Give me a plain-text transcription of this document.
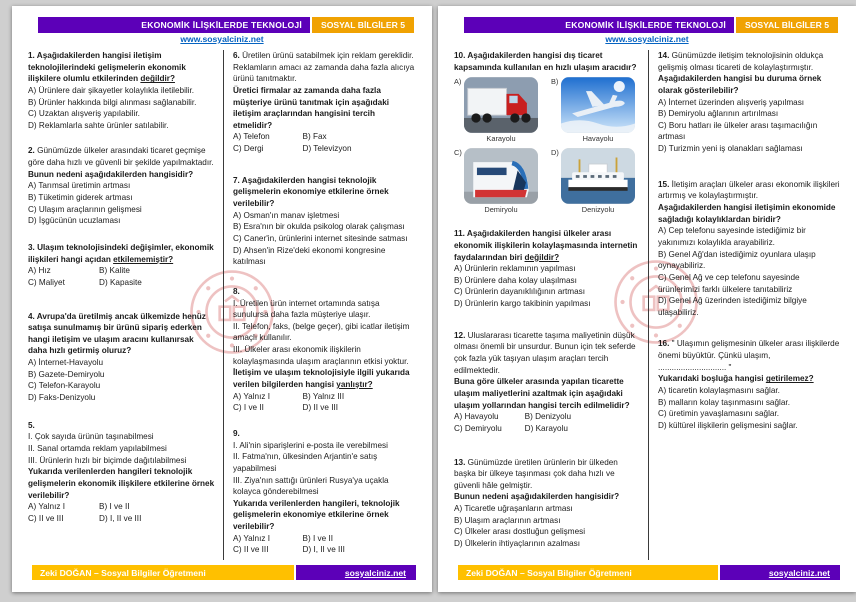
EKONOMİK İLİŞKİLERDE TEKNOLOJİ	SOSYAL BİLGİLER 5
www.sosyalciniz.net

1. Aşağıdakilerden hangisi iletişim teknolojilerindeki gelişmelerin ekonomik ilişkilere olumlu etkilerinden değildir?

A) Ürünlere dair şikayetler kolaylıkla iletilebilir.
B) Ürünler hakkında bilgi alınması sağlanabilir.
C) Uzaktan alışveriş yapılabilir.
D) Reklamlarla sahte ürünler satılabilir.

2. Günümüzde ülkeler arasındaki ticaret geçmişe göre daha hızlı ve güvenli bir şekilde yapılmaktadır.

Bunun nedeni aşağıdakilerden hangisidir?

A) Tarımsal üretimin artması
B) Tüketimin giderek artması
C) Ulaşım araçlarının gelişmesi
D) İşgücünün ucuzlaması

3. Ulaşım teknolojisindeki değişimler, ekonomik ilişkileri hangi açıdan etkilememiştir?

A) Hız	B) Kalite
C) Maliyet	D) Kapasite

4. Avrupa'da üretilmiş ancak ülkemizde henüz satışa sunulmamış bir ürünü sipariş ederken hangi iletişim ve ulaşım aracını kullanırsak daha hızlı getirmiş oluruz?

A) İnternet-Havayolu
B) Gazete-Demiryolu
C) Telefon-Karayolu
D) Faks-Denizyolu

5.

I. Çok sayıda ürünün taşınabilmesi
II. Sanal ortamda reklam yapılabilmesi
III. Ürünlerin hızlı bir biçimde dağıtılabilmesi

Yukarıda verilenlerden hangileri teknolojik gelişmelerin ekonomik ilişkilere etkilerine örnek verilebilir?

A) Yalnız I	B) I ve II
C) II ve III	D) I, II ve III

6. Üretilen ürünü satabilmek için reklam gereklidir. Reklamların amacı az zamanda daha fazla alıcıya ürünü tanıtmaktır.

Üretici firmalar az zamanda daha fazla müşteriye ürünü tanıtmak için aşağıdaki iletişim araçlarından hangisini tercih etmelidir?

A) Telefon	B) Fax
C) Dergi	D) Televizyon

7. Aşağıdakilerden hangisi teknolojik gelişmelerin ekonomiye etkilerine örnek verilebilir?

A) Osman'ın manav işletmesi
B) Esra'nın bir okulda psikolog olarak çalışması
C) Caner'in, ürünlerini internet sitesinde satması
D) Ahsen'in Rize'deki ekonomi kongresine katılması

8.

I. Üretilen ürün internet ortamında satışa sunulursa daha fazla müşteriye ulaşır.
II. Telefon, faks, (belge geçer), gibi icatlar iletişim amaçlı kullanılır.
III. Ülkeler arası ekonomik ilişkilerin kolaylaşmasında ulaşım araçlarının etkisi yoktur.

İletişim ve ulaşım teknolojisiyle ilgili yukarıda verilen bilgilerden hangisi yanlıştır?

A) Yalnız I	B) Yalnız III
C) I ve II	D) II ve III

9.

I. Ali'nin siparişlerini e-posta ile verebilmesi
II. Fatma'nın, ülkesinden Arjantin'e satış yapabilmesi
III. Ziya'nın sattığı ürünleri Rusya'ya uçakla kolayca gönderebilmesi

Yukarıda verilenlerden hangileri, teknolojik gelişmelerin ekonomiye etkilerine örnek verilebilir?

A) Yalnız I	B) I ve II
C) II ve III	D) I, II ve III
Zeki DOĞAN – Sosyal Bilgiler Öğretmeni	sosyalciniz.net
EKONOMİK İLİŞKİLERDE TEKNOLOJİ	SOSYAL BİLGİLER 5
www.sosyalciniz.net

10. Aşağıdakilerden hangisi dış ticaret kapsamında kullanılan en hızlı ulaşım aracıdır?

A)
Karayolu
B)
Havayolu
C)
Demiryolu
D)
Denizyolu

11. Aşağıdakilerden hangisi ülkeler arası ekonomik ilişkilerin kolaylaşmasında internetin faydalarından biri değildir?

A) Ürünlerin reklamının yapılması
B) Ürünlere daha kolay ulaşılması
C) Ürünlerin dayanıklılığının artması
D) Ürünlerin kargo takibinin yapılması

12. Uluslararası ticarette taşıma maliyetinin düşük olması önemli bir unsurdur. Bunun için tek seferde çok fazla yük taşıyan ulaşım araçları tercih edilmektedir.

Buna göre ülkeler arasında yapılan ticarette ulaşım maliyetlerini azaltmak için aşağıdaki ulaşım yollarından hangisi tercih edilmelidir?

A) Havayolu	B) Denizyolu
C) Demiryolu	D) Karayolu

13. Günümüzde üretilen ürünlerin bir ülkeden başka bir ülkeye taşınması çok daha hızlı ve güvenli hâle gelmiştir.

Bunun nedeni aşağıdakilerden hangisidir?

A) Ticaretle uğraşanların artması
B) Ulaşım araçlarının artması
C) Ülkeler arası dostluğun gelişmesi
D) Ülkelerin ihtiyaçlarının azalması

14. Günümüzde iletişim teknolojisinin oldukça gelişmiş olması ticareti de kolaylaştırmıştır.

Aşağıdakilerden hangisi bu duruma örnek olarak gösterilebilir?

A) İnternet üzerinden alışveriş yapılması
B) Demiryolu ağlarının artırılması
C) Boru hatları ile ülkeler arası taşımacılığın artması
D) Turizmin yeni iş olanakları sağlaması

15. İletişim araçları ülkeler arası ekonomik ilişkileri artırmış ve kolaylaştırmıştır.

Aşağıdakilerden hangisi iletişimin ekonomide sağladığı kolaylıklardan biridir?

A) Cep telefonu sayesinde istediğimiz bir yakınımızı kolaylıkla arayabiliriz.
B) Genel Ağ'dan istediğimiz oyunlara ulaşıp oynayabiliriz.
C) Genel Ağ ve cep telefonu sayesinde ürünlerimizi farklı ülkelere tanıtabiliriz
D) Genel Ağ üzerinden istediğimiz bilgiye ulaşabiliriz.

16. " Ulaşımın gelişmesinin ülkeler arası ilişkilerde önemi büyüktür. Çünkü ulaşım, .............................. "

Yukarıdaki boşluğa hangisi getirilemez?

A) ticaretin kolaylaşmasını sağlar.
B) malların kolay taşınmasını sağlar.
C) üretimin yavaşlamasını sağlar.
D) kültürel ilişkilerin gelişmesini sağlar.
Zeki DOĞAN – Sosyal Bilgiler Öğretmeni	sosyalciniz.net
